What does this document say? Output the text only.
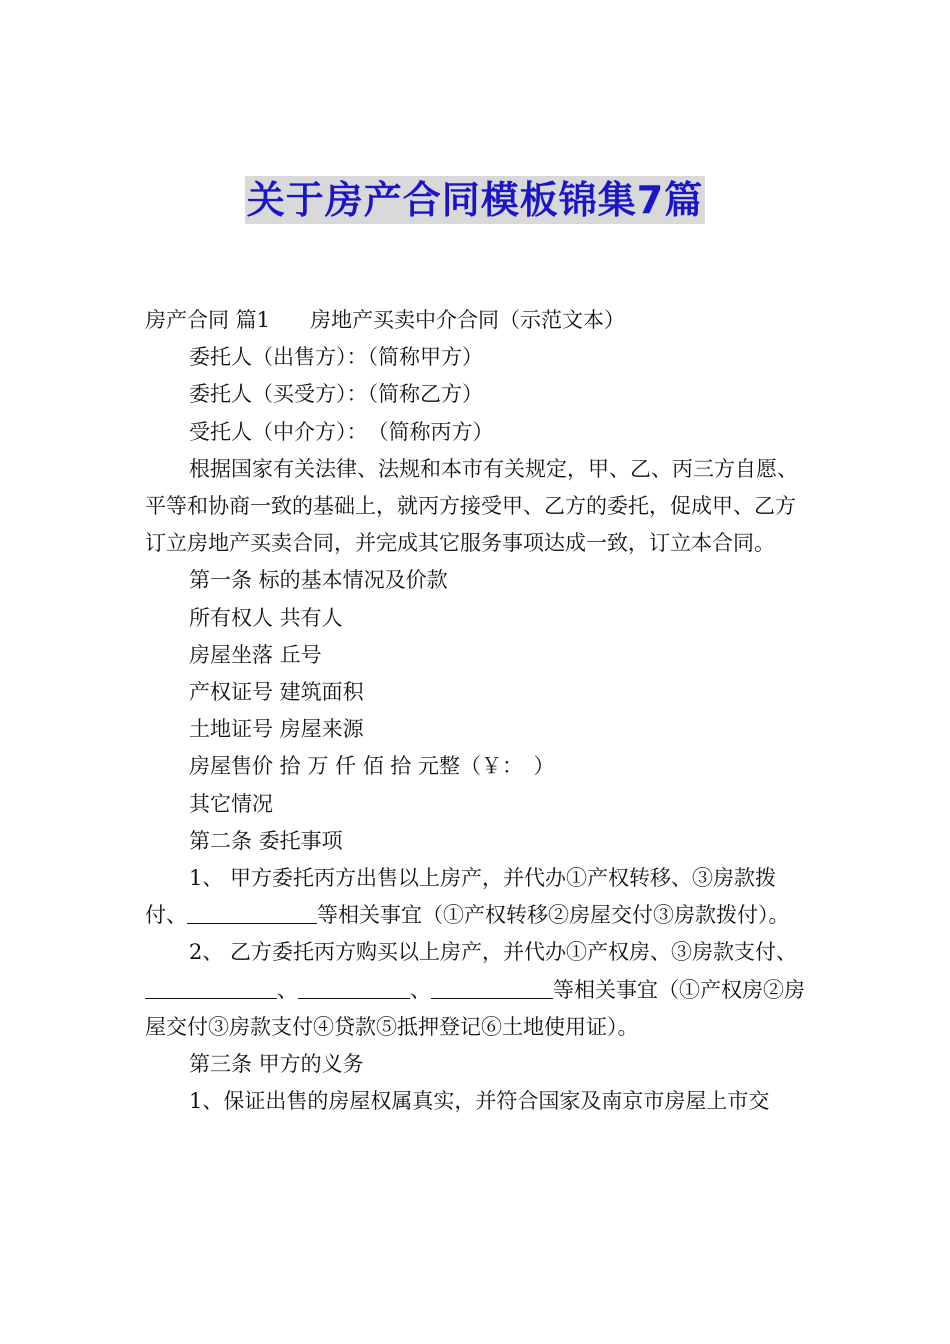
关于房产合同模板锦集7篇

房产合同 篇1 房地产买卖中介合同（示范文本）

委托人（出售方）：（简称甲方）

委托人（买受方）：（简称乙方）

受托人（中介方）：　（简称丙方）

根据国家有关法律、法规和本市有关规定，甲、乙、丙三方自愿、平等和协商一致的基础上，就丙方接受甲、乙方的委托，促成甲、乙方订立房地产买卖合同，并完成其它服务事项达成一致，订立本合同。

第一条 标的基本情况及价款

所有权人 共有人

房屋坐落 丘号

产权证号 建筑面积

土地证号 房屋来源

房屋售价 拾 万 仟 佰 拾 元整（￥：　）

其它情况

第二条 委托事项

1、 甲方委托丙方出售以上房产，并代办①产权转移、③房款拨付、	等相关事宜（①产权转移②房屋交付③房款拨付）。

2、 乙方委托丙方购买以上房产，并代办①产权房、③房款支付、、	、	等相关事宜（①产权房②房屋交付③房款支付④贷款⑤抵押登记⑥土地使用证）。

第三条 甲方的义务

1、保证出售的房屋权属真实，并符合国家及南京市房屋上市交
